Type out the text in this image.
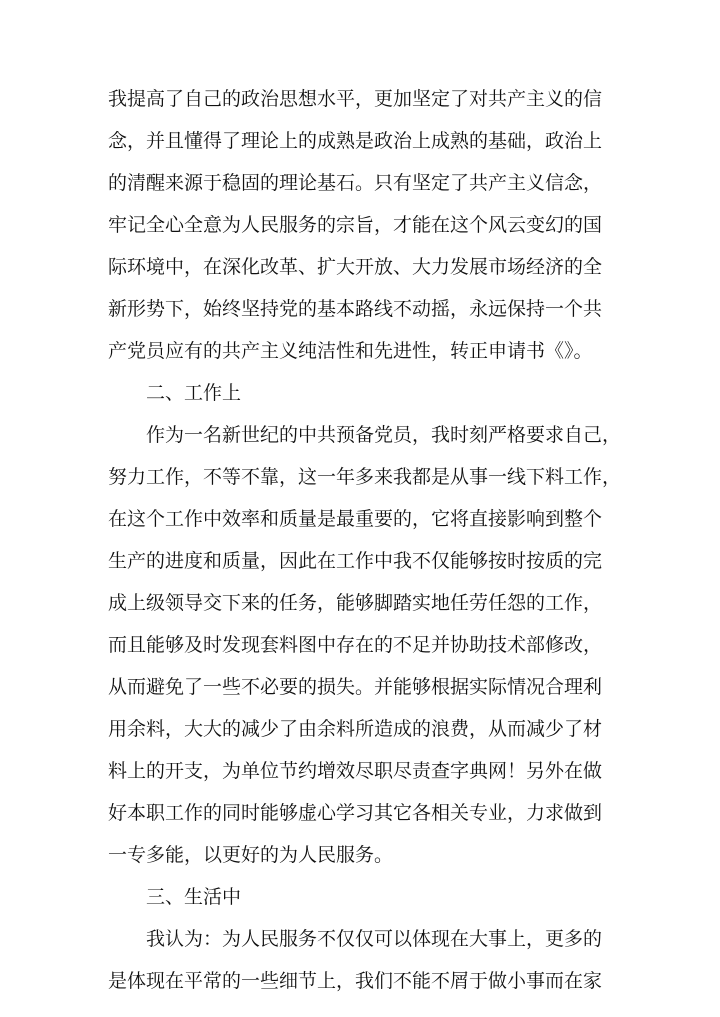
我提高了自己的政治思想水平，更加坚定了对共产主义的信
念，并且懂得了理论上的成熟是政治上成熟的基础，政治上
的清醒来源于稳固的理论基石。只有坚定了共产主义信念，
牢记全心全意为人民服务的宗旨，才能在这个风云变幻的国
际环境中，在深化改革、扩大开放、大力发展市场经济的全
新形势下，始终坚持党的基本路线不动摇，永远保持一个共
产党员应有的共产主义纯洁性和先进性，转正申请书《》。
二、工作上
作为一名新世纪的中共预备党员，我时刻严格要求自己，
努力工作，不等不靠，这一年多来我都是从事一线下料工作，
在这个工作中效率和质量是最重要的，它将直接影响到整个
生产的进度和质量，因此在工作中我不仅能够按时按质的完
成上级领导交下来的任务，能够脚踏实地任劳任怨的工作，
而且能够及时发现套料图中存在的不足并协助技术部修改，
从而避免了一些不必要的损失。并能够根据实际情况合理利
用余料，大大的减少了由余料所造成的浪费，从而减少了材
料上的开支，为单位节约增效尽职尽责查字典网！另外在做
好本职工作的同时能够虚心学习其它各相关专业，力求做到
一专多能，以更好的为人民服务。
三、生活中
我认为：为人民服务不仅仅可以体现在大事上，更多的
是体现在平常的一些细节上，我们不能不屑于做小事而在家
